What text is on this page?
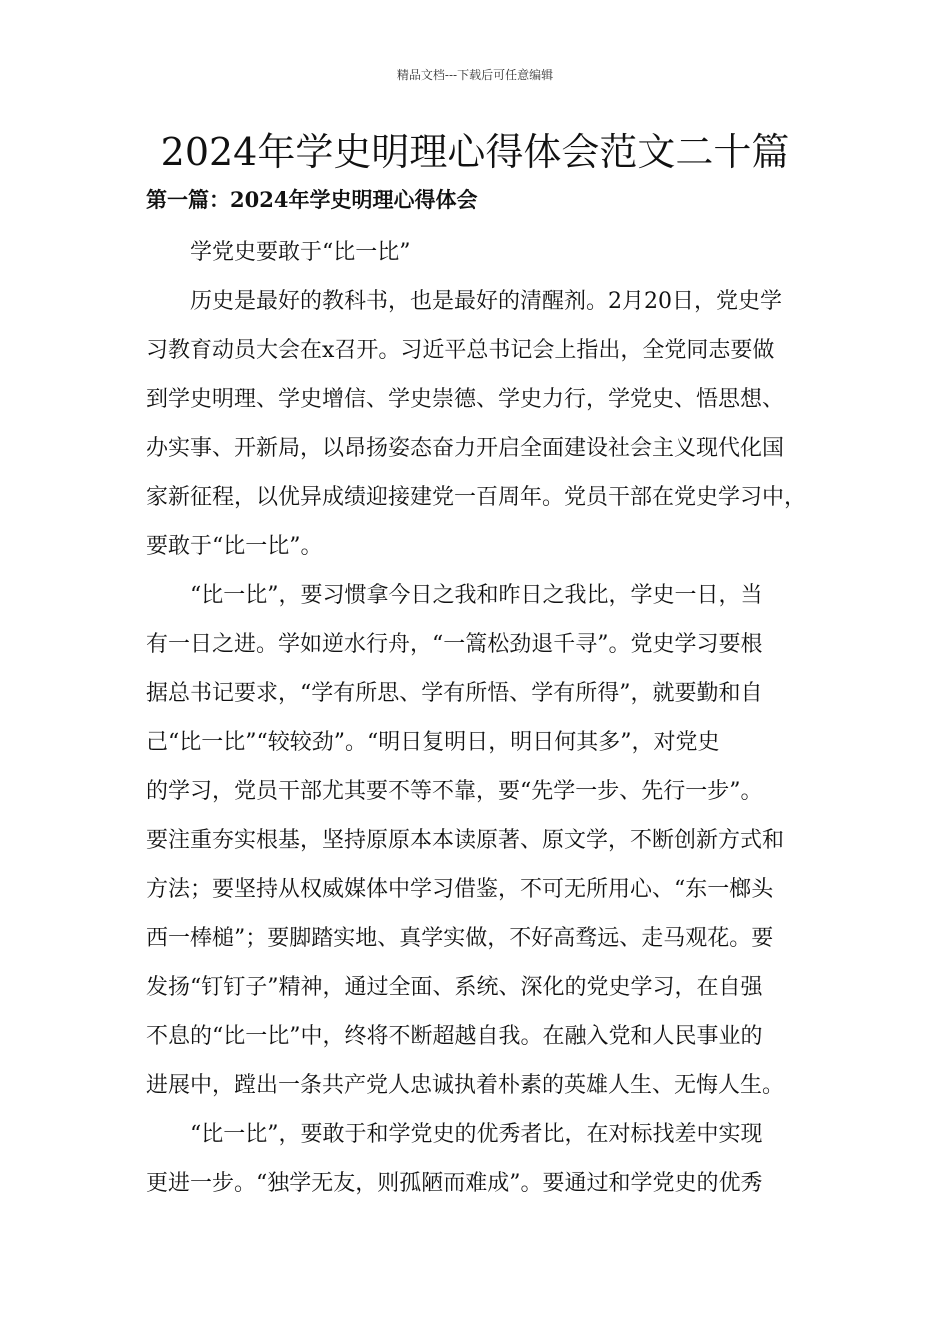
精品文档---下载后可任意编辑
2024年学史明理心得体会范文二十篇
第一篇：2024年学史明理心得体会
学党史要敢于“比一比”
历史是最好的教科书，也是最好的清醒剂。2月20日，党史学
习教育动员大会在x召开。习近平总书记会上指出，全党同志要做
到学史明理、学史增信、学史崇德、学史力行，学党史、悟思想、
办实事、开新局，以昂扬姿态奋力开启全面建设社会主义现代化国
家新征程，以优异成绩迎接建党一百周年。党员干部在党史学习中，
要敢于“比一比”。
“比一比”，要习惯拿今日之我和昨日之我比，学史一日，当
有一日之进。学如逆水行舟，“一篙松劲退千寻”。党史学习要根
据总书记要求，“学有所思、学有所悟、学有所得”，就要勤和自
己“比一比”“较较劲”。“明日复明日，明日何其多”，对党史
的学习，党员干部尤其要不等不靠，要“先学一步、先行一步”。
要注重夯实根基，坚持原原本本读原著、原文学，不断创新方式和
方法；要坚持从权威媒体中学习借鉴，不可无所用心、“东一榔头
西一棒槌”；要脚踏实地、真学实做，不好高骛远、走马观花。要
发扬“钉钉子”精神，通过全面、系统、深化的党史学习，在自强
不息的“比一比”中，终将不断超越自我。在融入党和人民事业的
进展中，蹚出一条共产党人忠诚执着朴素的英雄人生、无悔人生。
“比一比”，要敢于和学党史的优秀者比，在对标找差中实现
更进一步。“独学无友，则孤陋而难成”。要通过和学党史的优秀
